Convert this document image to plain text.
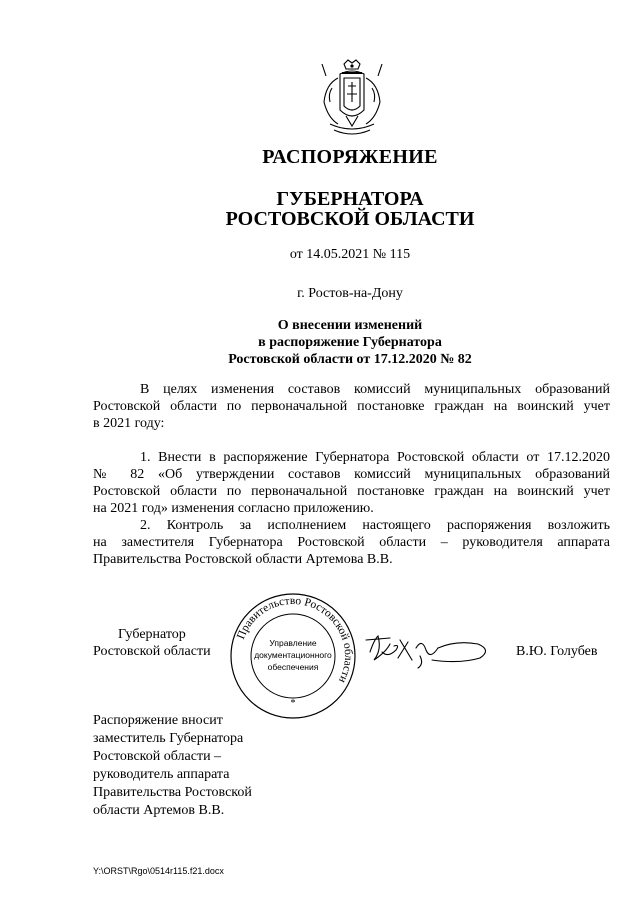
РАСПОРЯЖЕНИЕ
ГУБЕРНАТОРА
РОСТОВСКОЙ ОБЛАСТИ
от 14.05.2021 № 115
г. Ростов-на-Дону
О внесении изменений
в распоряжение Губернатора
Ростовской области от 17.12.2020 № 82
В целях изменения составов комиссий муниципальных образований
Ростовской области по первоначальной постановке граждан на воинский учет
в 2021 году:
1. Внести в распоряжение Губернатора Ростовской области от 17.12.2020
№ 82 «Об утверждении составов комиссий муниципальных образований
Ростовской области по первоначальной постановке граждан на воинский учет
на 2021 год» изменения согласно приложению.
2. Контроль за исполнением настоящего распоряжения возложить
на заместителя Губернатора Ростовской области – руководителя аппарата
Правительства Ростовской области Артемова В.В.
Губернатор
Ростовской области
Правительство Ростовской области
Управление
документационного
обеспечения
*
В.Ю. Голубев
Распоряжение вносит
заместитель Губернатора
Ростовской области –
руководитель аппарата
Правительства Ростовской
области Артемов В.В.
Y:\ORST\Rgo\0514r115.f21.docx
